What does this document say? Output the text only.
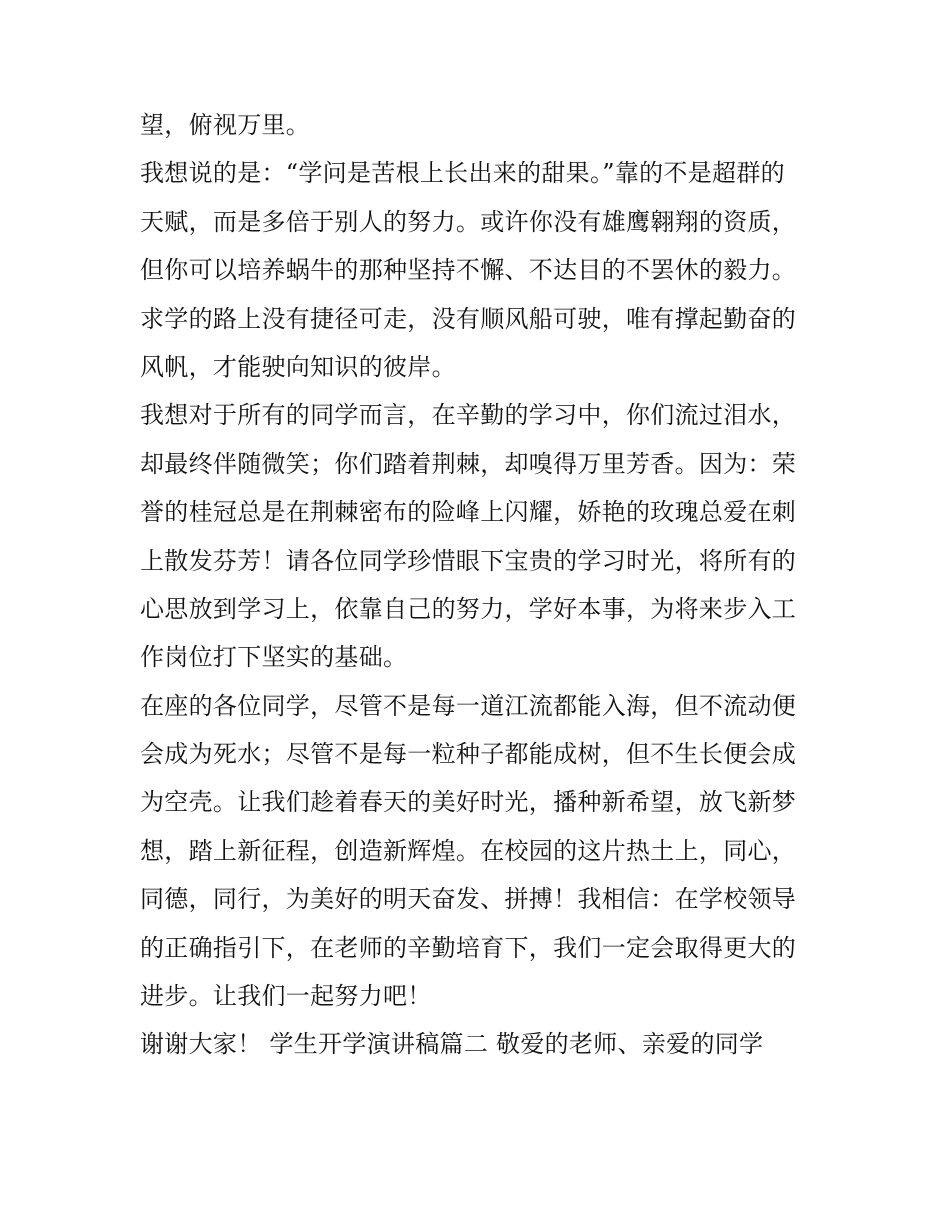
望，俯视万里。
我想说的是：“学问是苦根上长出来的甜果。”靠的不是超群的
天赋，而是多倍于别人的努力。或许你没有雄鹰翱翔的资质，
但你可以培养蜗牛的那种坚持不懈、不达目的不罢休的毅力。
求学的路上没有捷径可走，没有顺风船可驶，唯有撑起勤奋的
风帆，才能驶向知识的彼岸。
我想对于所有的同学而言，在辛勤的学习中，你们流过泪水，
却最终伴随微笑；你们踏着荆棘，却嗅得万里芳香。因为：荣
誉的桂冠总是在荆棘密布的险峰上闪耀，娇艳的玫瑰总爱在刺
上散发芬芳！请各位同学珍惜眼下宝贵的学习时光，将所有的
心思放到学习上，依靠自己的努力，学好本事，为将来步入工
作岗位打下坚实的基础。
在座的各位同学，尽管不是每一道江流都能入海，但不流动便
会成为死水；尽管不是每一粒种子都能成树，但不生长便会成
为空壳。让我们趁着春天的美好时光，播种新希望，放飞新梦
想，踏上新征程，创造新辉煌。在校园的这片热土上，同心，
同德，同行，为美好的明天奋发、拼搏！我相信：在学校领导
的正确指引下，在老师的辛勤培育下，我们一定会取得更大的
进步。让我们一起努力吧！
谢谢大家！ 学生开学演讲稿篇二 敬爱的老师、亲爱的同学
